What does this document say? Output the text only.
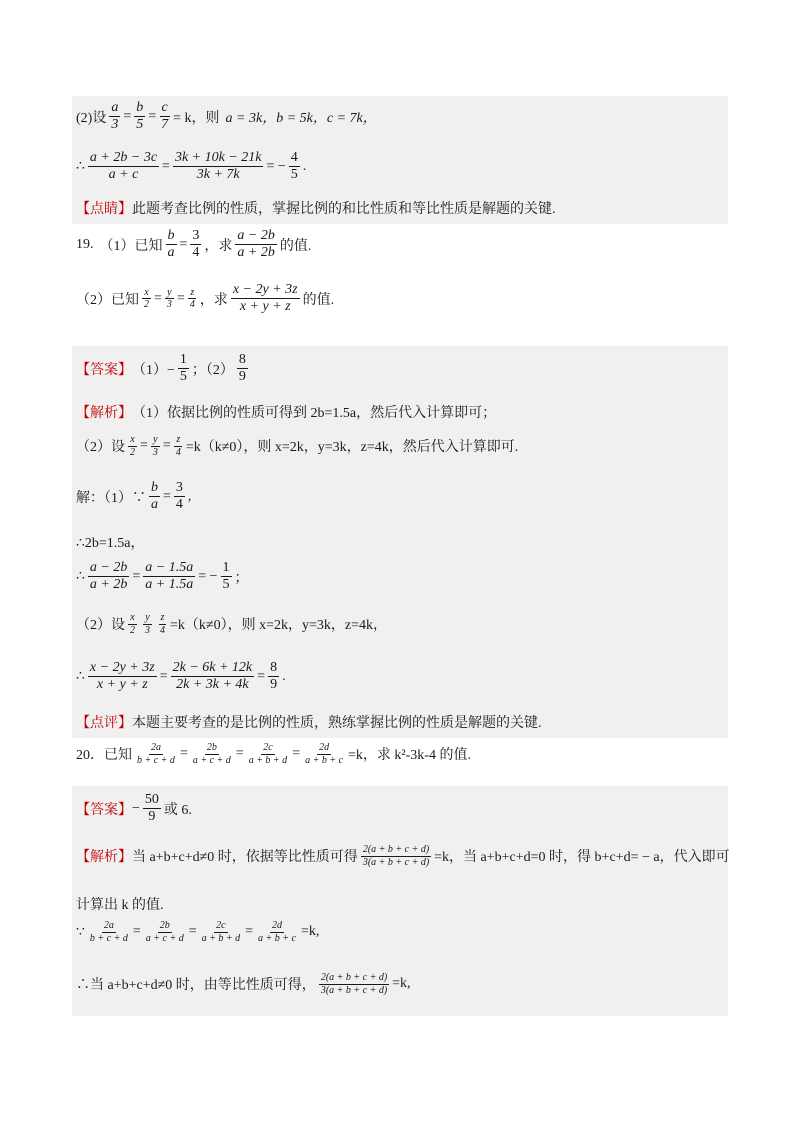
(2)设 $\frac{a}{3} = \frac{b}{5} = \frac{c}{7} = k$，则 a = 3k，b = 5k，c = 7k，
∴ $\frac{a + 2b - 3c}{a + c} = \frac{3k + 10k - 21k}{3k + 7k}$ = − $\frac{4}{5}$ .
【点睛】 此题考查比例的性质，掌握比例的和比性质和等比性质是解题的关键.
19. （1）已知 $\frac{b}{a} = \frac{3}{4}$ ，求 $\frac{a - 2b}{a + 2b}$ 的值.
（2）已知 $\frac{x}{2} = \frac{y}{3} = \frac{z}{4}$ ，求 $\frac{x - 2y + 3z}{x + y + z}$ 的值.
【答案】 $(1)- \frac{1}{5}$ ；$(2) \frac{8}{9}$
【解析】 （1）依据比例的性质可得到 2b=1.5a，然后代入计算即可；
（2）设 $\frac{x}{2} = \frac{y}{3} = \frac{z}{4} =k(k\ne 0)$，则 x=2k，y=3k，z=4k，然后代入计算即可.
解：（1）∵ $\frac{b}{a} = \frac{3}{4}$ ,
∴2b=1.5a，
∴ $\frac{a - 2b}{a + 2b} = \frac{a - 1.5a}{a + 1.5a}$ = − $\frac{1}{5}$ ；
（2）设 $\frac{x}{2} \frac{y}{3} \frac{z}{4} =k(k\ne 0)$，则 x=2k，y=3k，z=4k，
∴ $\frac{x - 2y + 3z}{x + y + z} = \frac{2k - 6k + 12k}{2k + 3k + 4k} = \frac{8}{9}$ .
【点评】 本题主要考查的是比例的性质，熟练掌握比例的性质是解题的关键.
20．已知 $\frac{2a}{b + c + d} = \frac{2b}{a + c + d} = \frac{2c}{a + b + d} = \frac{2d}{a + b + c} =k$，求 k²-3k-4 的值.
【答案】 − $\frac{50}{9}$ 或 6.
【解析】 当 a+b+c+d≠0 时，依据等比性质可得 $\frac{2(a + b + c + d)}{3(a + b + c + d)} =k$，当 a+b+c+d=0 时，得 b+c+d= − a，代入即可
计算出 k 的值.
∵ $\frac{2a}{b + c + d} = \frac{2b}{a + c + d} = \frac{2c}{a + b + d} = \frac{2d}{a + b + c} =k$,
∴当 a+b+c+d≠0 时，由等比性质可得， $\frac{2(a + b + c + d)}{3(a + b + c + d)} =k$,
